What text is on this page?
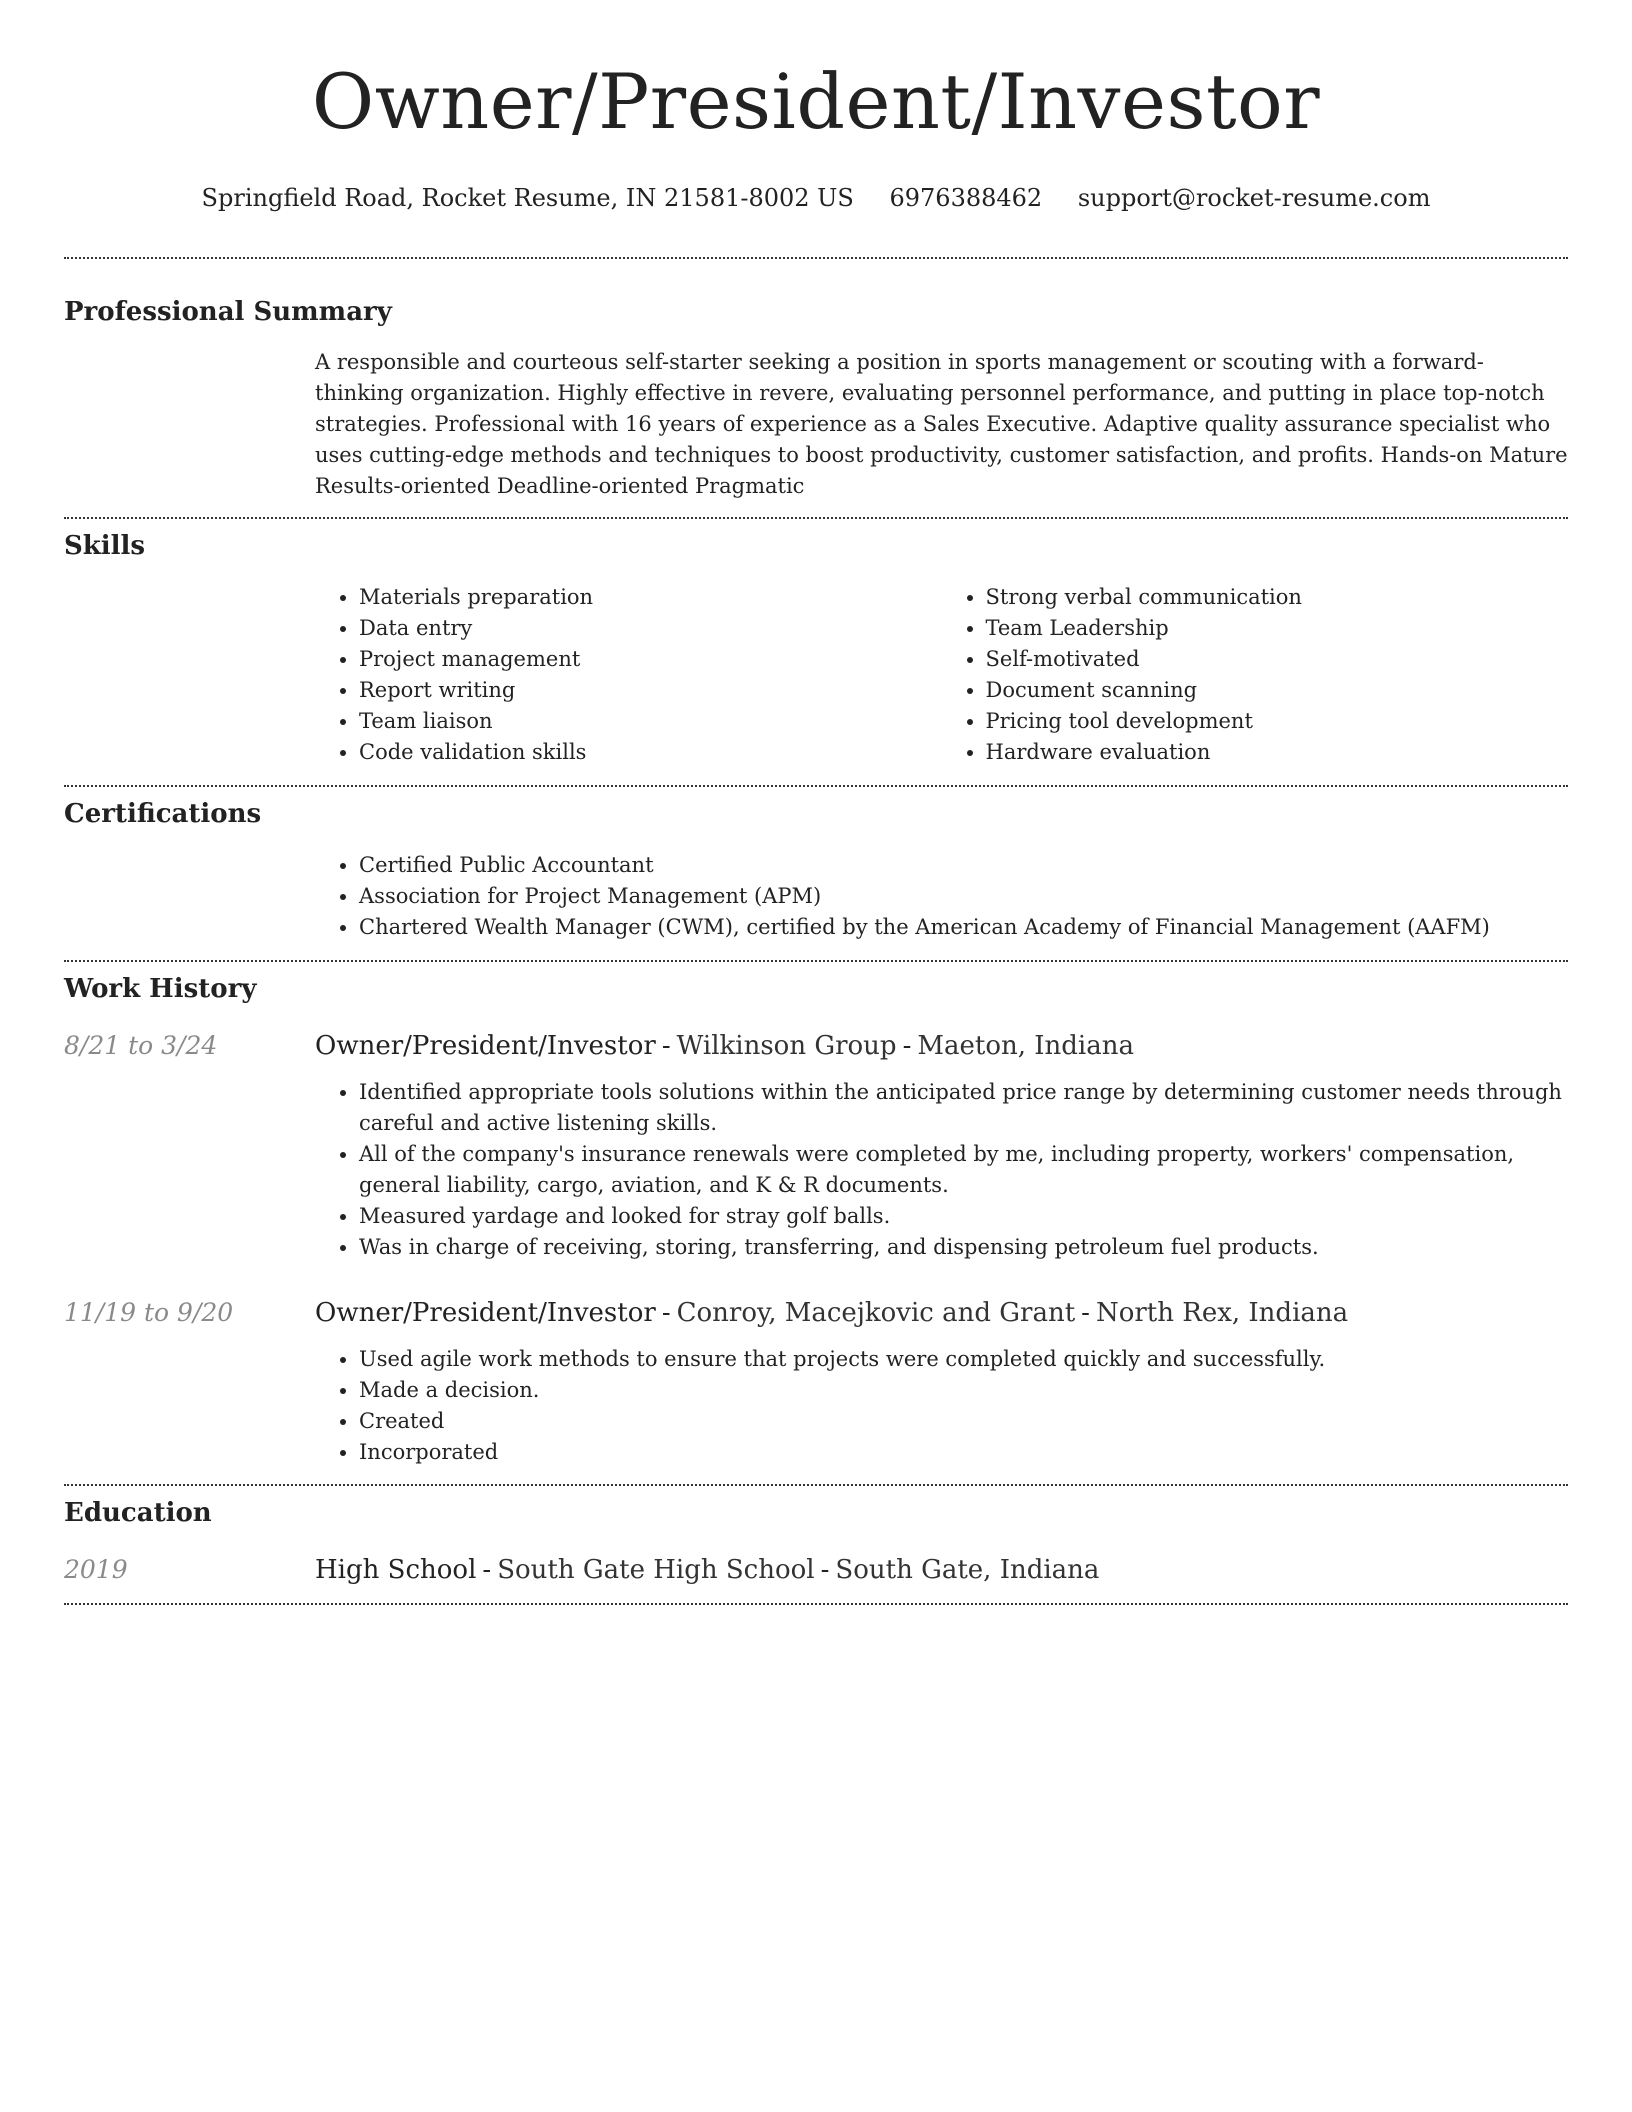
Owner/President/Investor
Springfield Road, Rocket Resume, IN 21581-8002 US 6976388462 support@rocket-resume.com
Professional Summary

A responsible and courteous self-starter seeking a position in sports management or scouting with a forward-thinking organization. Highly effective in revere, evaluating personnel performance, and putting in place top-notch strategies. Professional with 16 years of experience as a Sales Executive. Adaptive quality assurance specialist who uses cutting-edge methods and techniques to boost productivity, customer satisfaction, and profits. Hands-on Mature Results-oriented Deadline-oriented Pragmatic

Skills
• Materials preparation
• Data entry
• Project management
• Report writing
• Team liaison
• Code validation skills
• Strong verbal communication
• Team Leadership
• Self-motivated
• Document scanning
• Pricing tool development
• Hardware evaluation
Certifications
• Certified Public Accountant
• Association for Project Management (APM)
• Chartered Wealth Manager (CWM), certified by the American Academy of Financial Management (AAFM)
Work History
8/21 to 3/24	Owner/President/Investor - Wilkinson Group - Maeton, Indiana
• Identified appropriate tools solutions within the anticipated price range by determining customer needs through careful and active listening skills.
• All of the company's insurance renewals were completed by me, including property, workers' compensation, general liability, cargo, aviation, and K & R documents.
• Measured yardage and looked for stray golf balls.
• Was in charge of receiving, storing, transferring, and dispensing petroleum fuel products.
11/19 to 9/20	Owner/President/Investor - Conroy, Macejkovic and Grant - North Rex, Indiana
• Used agile work methods to ensure that projects were completed quickly and successfully.
• Made a decision.
• Created
• Incorporated
Education
2019	High School - South Gate High School - South Gate, Indiana
